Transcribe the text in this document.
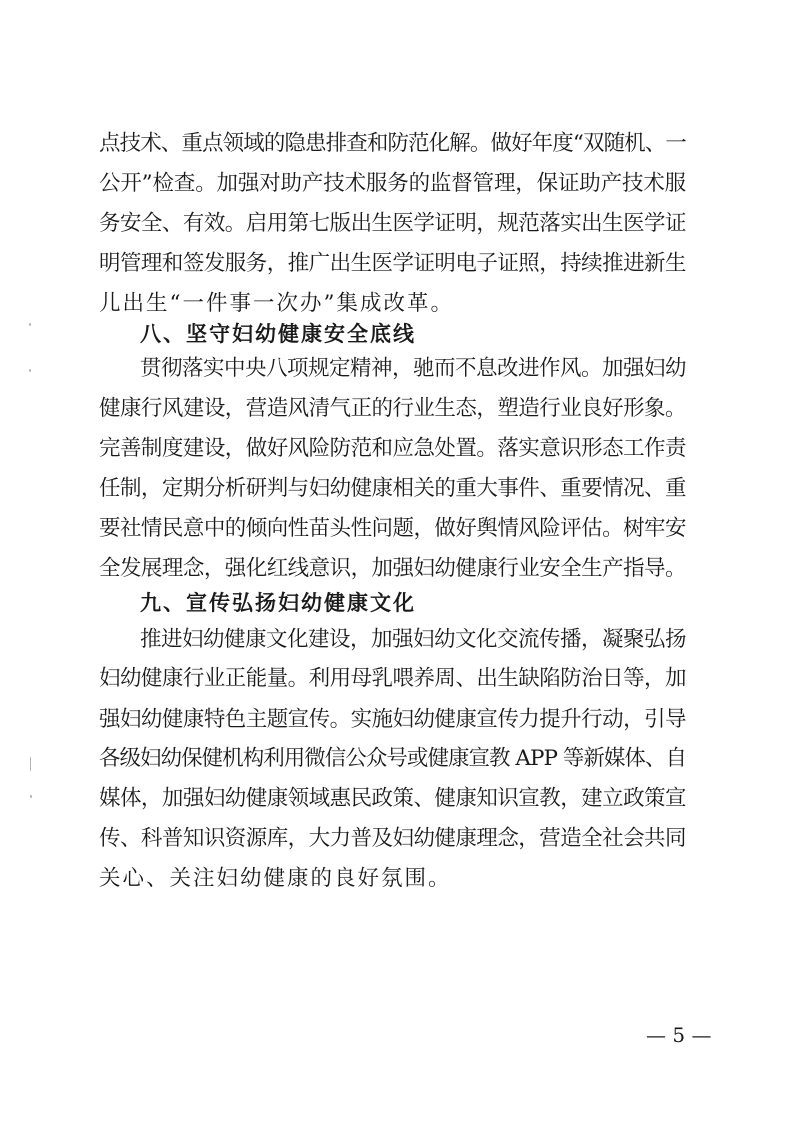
点技术、重点领域的隐患排查和防范化解。做好年度“双随机、一
公开”检查。加强对助产技术服务的监督管理，保证助产技术服
务安全、有效。启用第七版出生医学证明，规范落实出生医学证
明管理和签发服务，推广出生医学证明电子证照，持续推进新生
儿出生“一件事一次办”集成改革。
八、坚守妇幼健康安全底线
贯彻落实中央八项规定精神，驰而不息改进作风。加强妇幼
健康行风建设，营造风清气正的行业生态，塑造行业良好形象。
完善制度建设，做好风险防范和应急处置。落实意识形态工作责
任制，定期分析研判与妇幼健康相关的重大事件、重要情况、重
要社情民意中的倾向性苗头性问题，做好舆情风险评估。树牢安
全发展理念，强化红线意识，加强妇幼健康行业安全生产指导。
九、宣传弘扬妇幼健康文化
推进妇幼健康文化建设，加强妇幼文化交流传播，凝聚弘扬
妇幼健康行业正能量。利用母乳喂养周、出生缺陷防治日等，加
强妇幼健康特色主题宣传。实施妇幼健康宣传力提升行动，引导
各级妇幼保健机构利用微信公众号或健康宣教 APP 等新媒体、自
媒体，加强妇幼健康领域惠民政策、健康知识宣教，建立政策宣
传、科普知识资源库，大力普及妇幼健康理念，营造全社会共同
关心、关注妇幼健康的良好氛围。
— 5 —
